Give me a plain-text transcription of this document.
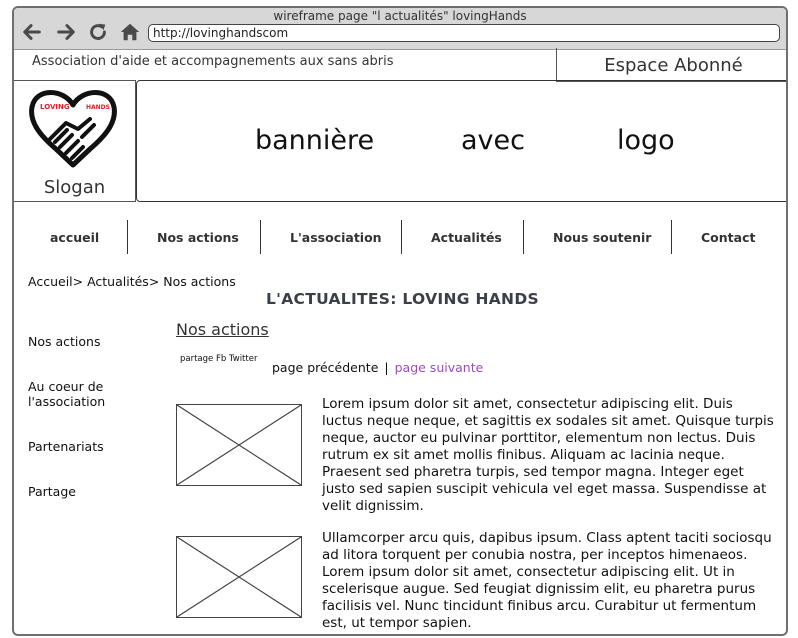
wireframe page "l actualités" lovingHands
http://lovinghandscom
Association d'aide et accompagnements aux sans abris	Espace Abonné
LOVING	HANDS
Slogan
bannière	avec	logo
accueil	Nos actions	L'association	Actualités	Nous soutenir	Contact
Accueil> Actualités> Nos actions
L'ACTUALITES: LOVING HANDS
Nos actions
Au coeur de
l'association
Partenariats
Partage
Nos actions
partage Fb Twitter
page précédente | page suivante
Lorem ipsum dolor sit amet, consectetur adipiscing elit. Duis luctus neque neque, et sagittis ex sodales sit amet. Quisque turpis neque, auctor eu pulvinar porttitor, elementum non lectus. Duis rutrum ex sit amet mollis finibus. Aliquam ac lacinia neque. Praesent sed pharetra turpis, sed tempor magna. Integer eget justo sed sapien suscipit vehicula vel eget massa. Suspendisse at velit dignissim.
Ullamcorper arcu quis, dapibus ipsum. Class aptent taciti sociosqu ad litora torquent per conubia nostra, per inceptos himenaeos. Lorem ipsum dolor sit amet, consectetur adipiscing elit. Ut in scelerisque augue. Sed feugiat dignissim elit, eu pharetra purus facilisis vel. Nunc tincidunt finibus arcu. Curabitur ut fermentum est, ut tempor sapien.
